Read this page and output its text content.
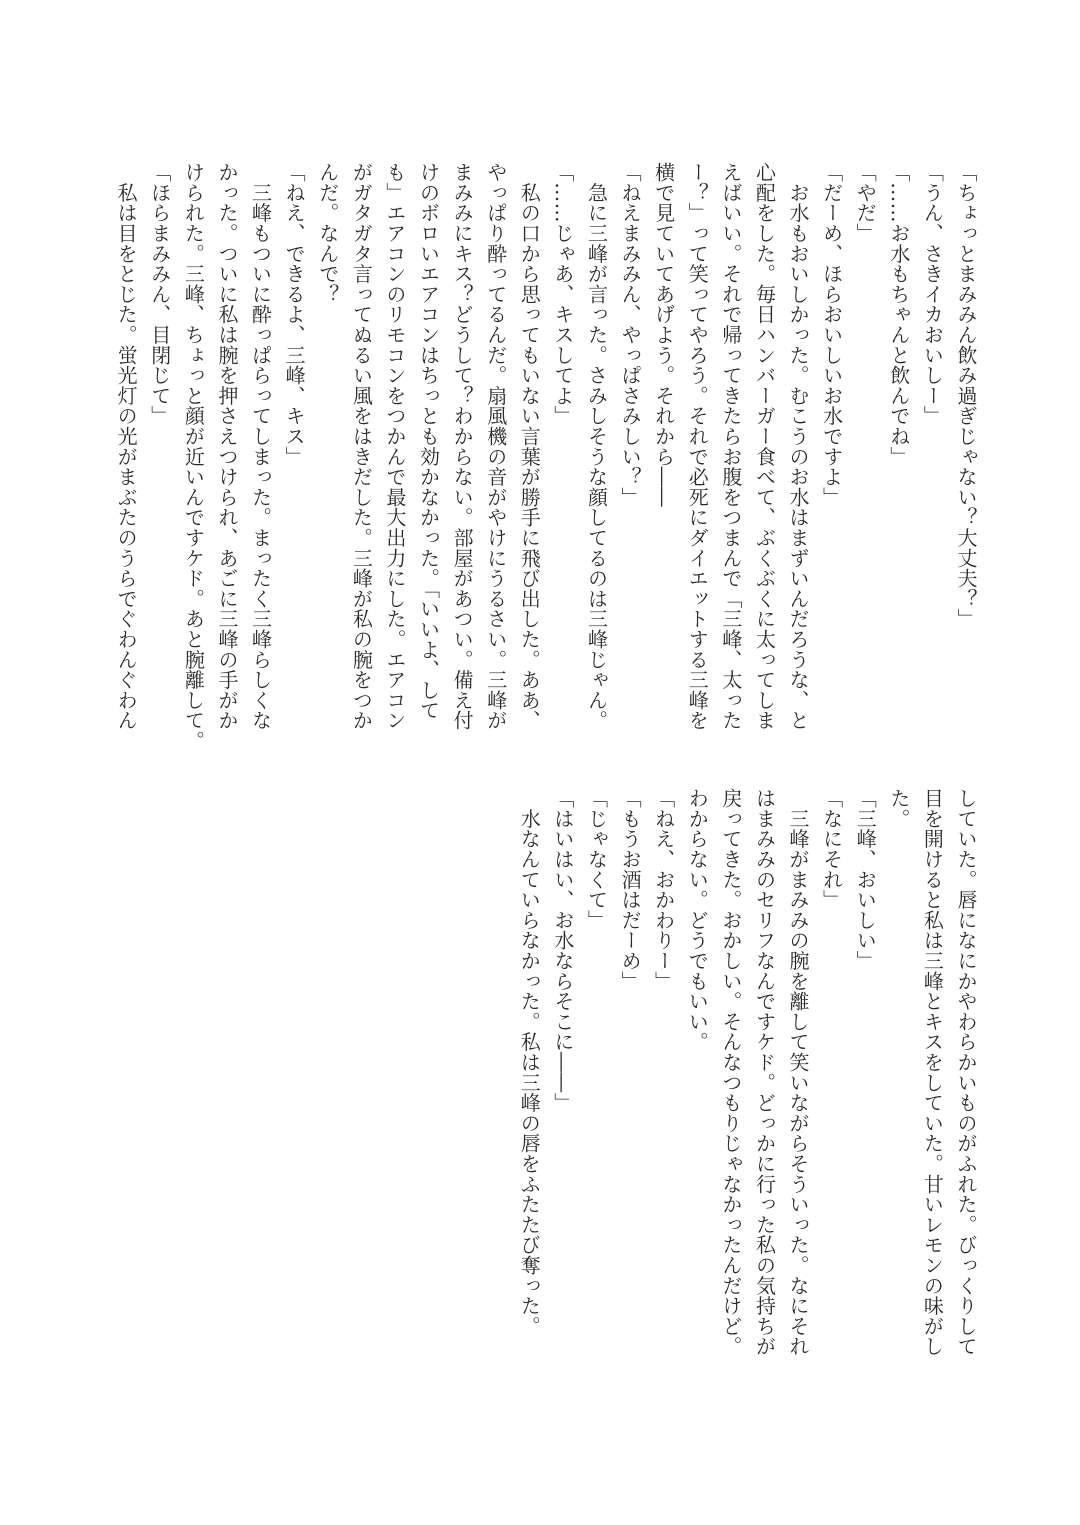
「ちょっとまみみん飲み過ぎじゃない？大丈夫？」
「うん、さきイカおいしー」
「……お水もちゃんと飲んでね」
「やだ」
「だーめ、ほらおいしいお水ですよ」
　お水もおいしかった。むこうのお水はまずいんだろうな、と
心配をした。毎日ハンバーガー食べて、ぶくぶくに太ってしま
えばいい。それで帰ってきたらお腹をつまんで「三峰、太った
ー？」って笑ってやろう。それで必死にダイエットする三峰を
横で見ていてあげよう。それから――
「ねえまみみん、やっぱさみしい？」
　急に三峰が言った。さみしそうな顔してるのは三峰じゃん。
「……じゃあ、キスしてよ」
　私の口から思ってもいない言葉が勝手に飛び出した。ああ、
やっぱり酔ってるんだ。扇風機の音がやけにうるさい。三峰が
まみみにキス？どうして？わからない。部屋があつい。備え付
けのボロいエアコンはちっとも効かなかった。「いいよ、して
も」エアコンのリモコンをつかんで最大出力にした。エアコン
がガタガタ言ってぬるい風をはきだした。三峰が私の腕をつか
んだ。なんで？
「ねえ、できるよ、三峰、キス」
　三峰もついに酔っぱらってしまった。まったく三峰らしくな
かった。ついに私は腕を押さえつけられ、あごに三峰の手がか
けられた。三峰、ちょっと顔が近いんですケド。あと腕離して。
「ほらまみみん、目閉じて」
　私は目をとじた。蛍光灯の光がまぶたのうらでぐわんぐわん
していた。唇になにかやわらかいものがふれた。びっくりして
目を開けると私は三峰とキスをしていた。甘いレモンの味がし
た。
「三峰、おいしい」
「なにそれ」
　三峰がまみみの腕を離して笑いながらそういった。なにそれ
はまみみのセリフなんですケド。どっかに行った私の気持ちが
戻ってきた。おかしい。そんなつもりじゃなかったんだけど。
わからない。どうでもいい。
「ねえ、おかわりー」
「もうお酒はだーめ」
「じゃなくて」
「はいはい、お水ならそこに――」
　水なんていらなかった。私は三峰の唇をふたたび奪った。
